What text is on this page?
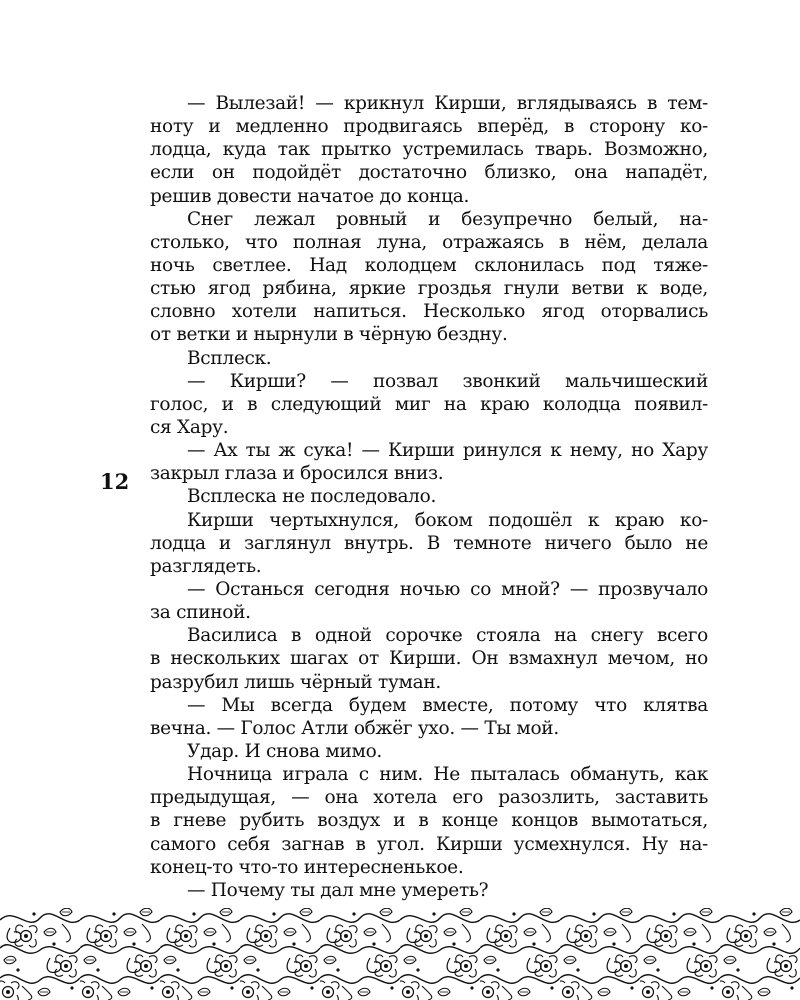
12
— Вылезай! — крикнул Кирши, вглядываясь в тем-
ноту и медленно продвигаясь вперёд, в сторону ко-
лодца, куда так прытко устремилась тварь. Возможно,
если он подойдёт достаточно близко, она нападёт,
решив довести начатое до конца.
Снег лежал ровный и безупречно белый, на-
столько, что полная луна, отражаясь в нём, делала
ночь светлее. Над колодцем склонилась под тяже-
стью ягод рябина, яркие гроздья гнули ветви к воде,
словно хотели напиться. Несколько ягод оторвались
от ветки и нырнули в чёрную бездну.
Всплеск.
— Кирши? — позвал звонкий мальчишеский
голос, и в следующий миг на краю колодца появил-
ся Хару.
— Ах ты ж сука! — Кирши ринулся к нему, но Хару
закрыл глаза и бросился вниз.
Всплеска не последовало.
Кирши чертыхнулся, боком подошёл к краю ко-
лодца и заглянул внутрь. В темноте ничего было не
разглядеть.
— Останься сегодня ночью со мной? — прозвучало
за спиной.
Василиса в одной сорочке стояла на снегу всего
в нескольких шагах от Кирши. Он взмахнул мечом, но
разрубил лишь чёрный туман.
— Мы всегда будем вместе, потому что клятва
вечна. — Голос Атли обжёг ухо. — Ты мой.
Удар. И снова мимо.
Ночница играла с ним. Не пыталась обмануть, как
предыдущая, — она хотела его разозлить, заставить
в гневе рубить воздух и в конце концов вымотаться,
самого себя загнав в угол. Кирши усмехнулся. Ну на-
конец-то что-то интересненькое.
— Почему ты дал мне умереть?
